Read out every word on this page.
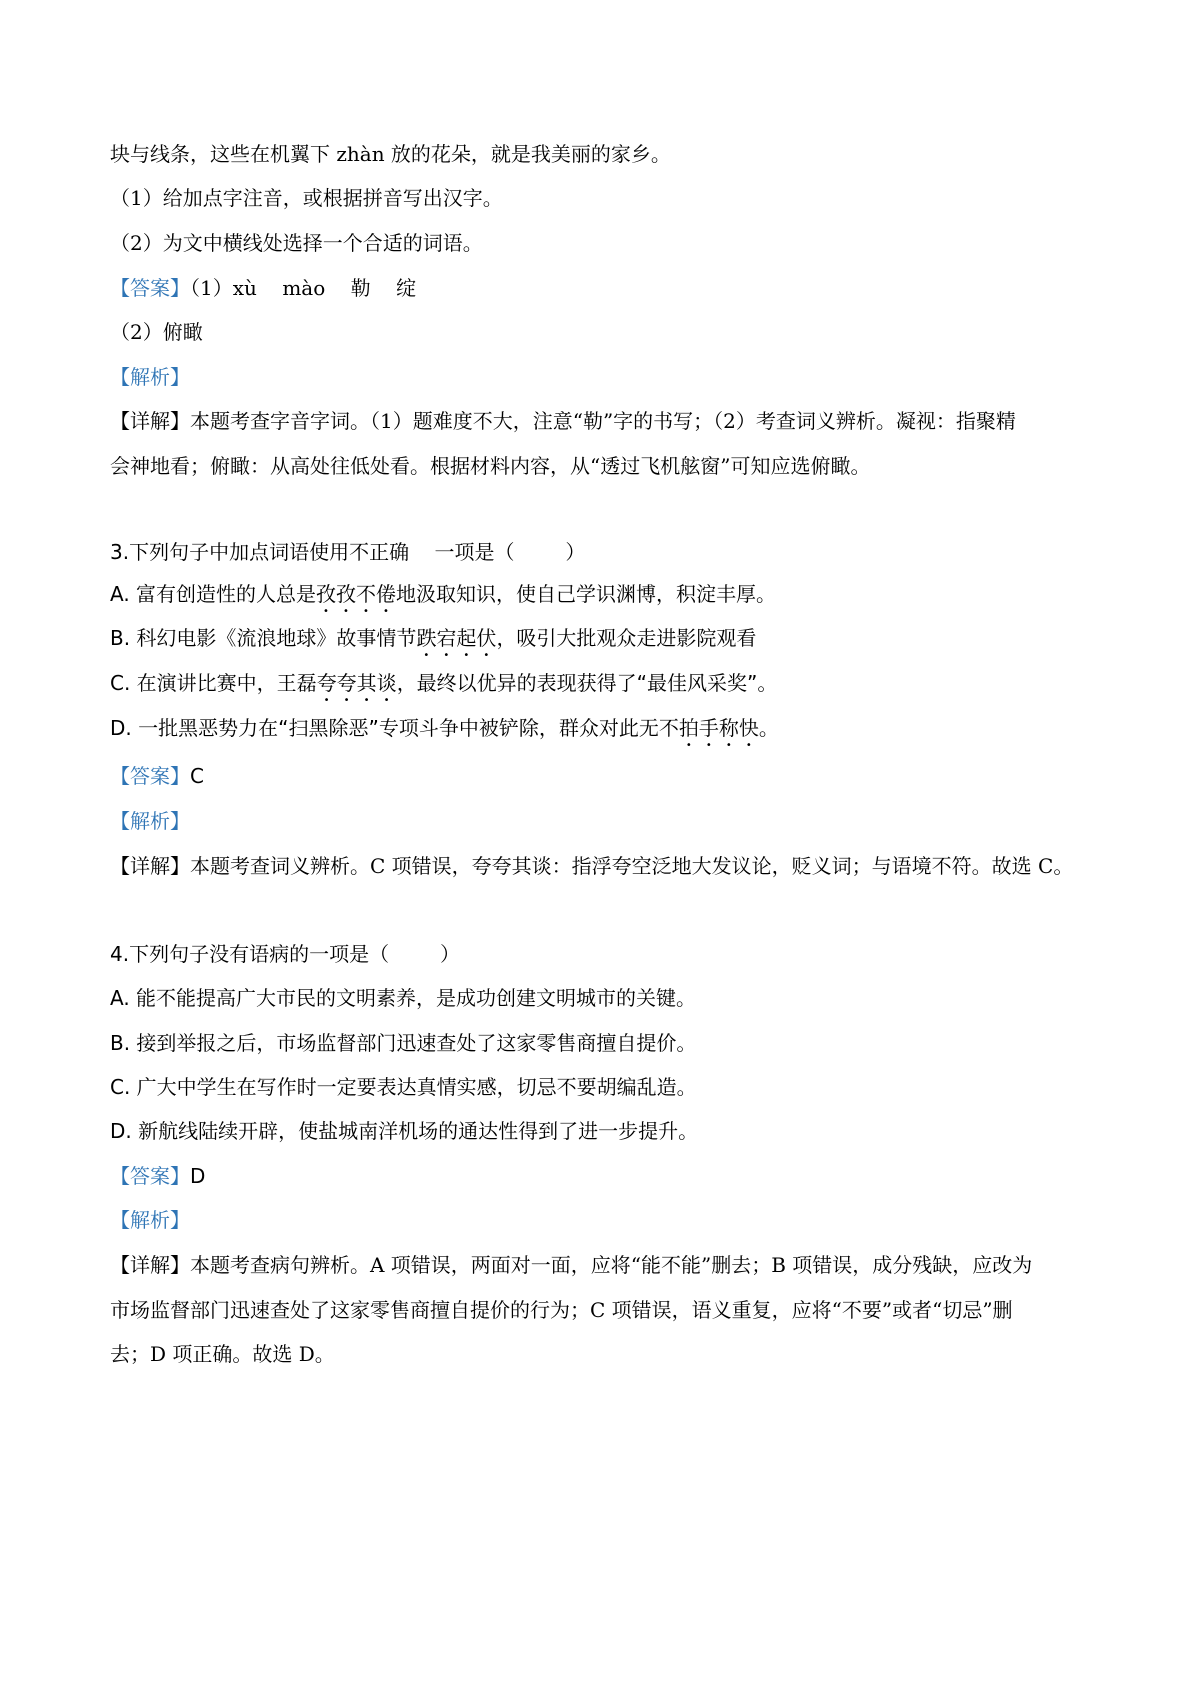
块与线条，这些在机翼下 zhàn 放的花朵，就是我美丽的家乡。
（1）给加点字注音，或根据拼音写出汉字。
（2）为文中横线处选择一个合适的词语。
【答案】（1）xù    mào    勒    绽
（2）俯瞰
【解析】
【详解】本题考查字音字词。（1）题难度不大，注意“勒”字的书写；（2）考查词义辨析。凝视：指聚精
会神地看；俯瞰：从高处往低处看。根据材料内容，从“透过飞机舷窗”可知应选俯瞰。
3.下列句子中加点词语使用不正确    一项是（        ）
A. 富有创造性的人总是孜孜不倦地汲取知识，使自己学识渊博，积淀丰厚。
B. 科幻电影《流浪地球》故事情节跌宕起伏，吸引大批观众走进影院观看
C. 在演讲比赛中，王磊夸夸其谈，最终以优异的表现获得了“最佳风采奖”。
D. 一批黑恶势力在“扫黑除恶”专项斗争中被铲除，群众对此无不拍手称快。
【答案】C
【解析】
【详解】本题考查词义辨析。C 项错误，夸夸其谈：指浮夸空泛地大发议论，贬义词；与语境不符。故选 C。
4.下列句子没有语病的一项是（        ）
A. 能不能提高广大市民的文明素养，是成功创建文明城市的关键。
B. 接到举报之后，市场监督部门迅速查处了这家零售商擅自提价。
C. 广大中学生在写作时一定要表达真情实感，切忌不要胡编乱造。
D. 新航线陆续开辟，使盐城南洋机场的通达性得到了进一步提升。
【答案】D
【解析】
【详解】本题考查病句辨析。A 项错误，两面对一面，应将“能不能”删去；B 项错误，成分残缺，应改为
市场监督部门迅速查处了这家零售商擅自提价的行为；C 项错误，语义重复，应将“不要”或者“切忌”删
去；D 项正确。故选 D。
